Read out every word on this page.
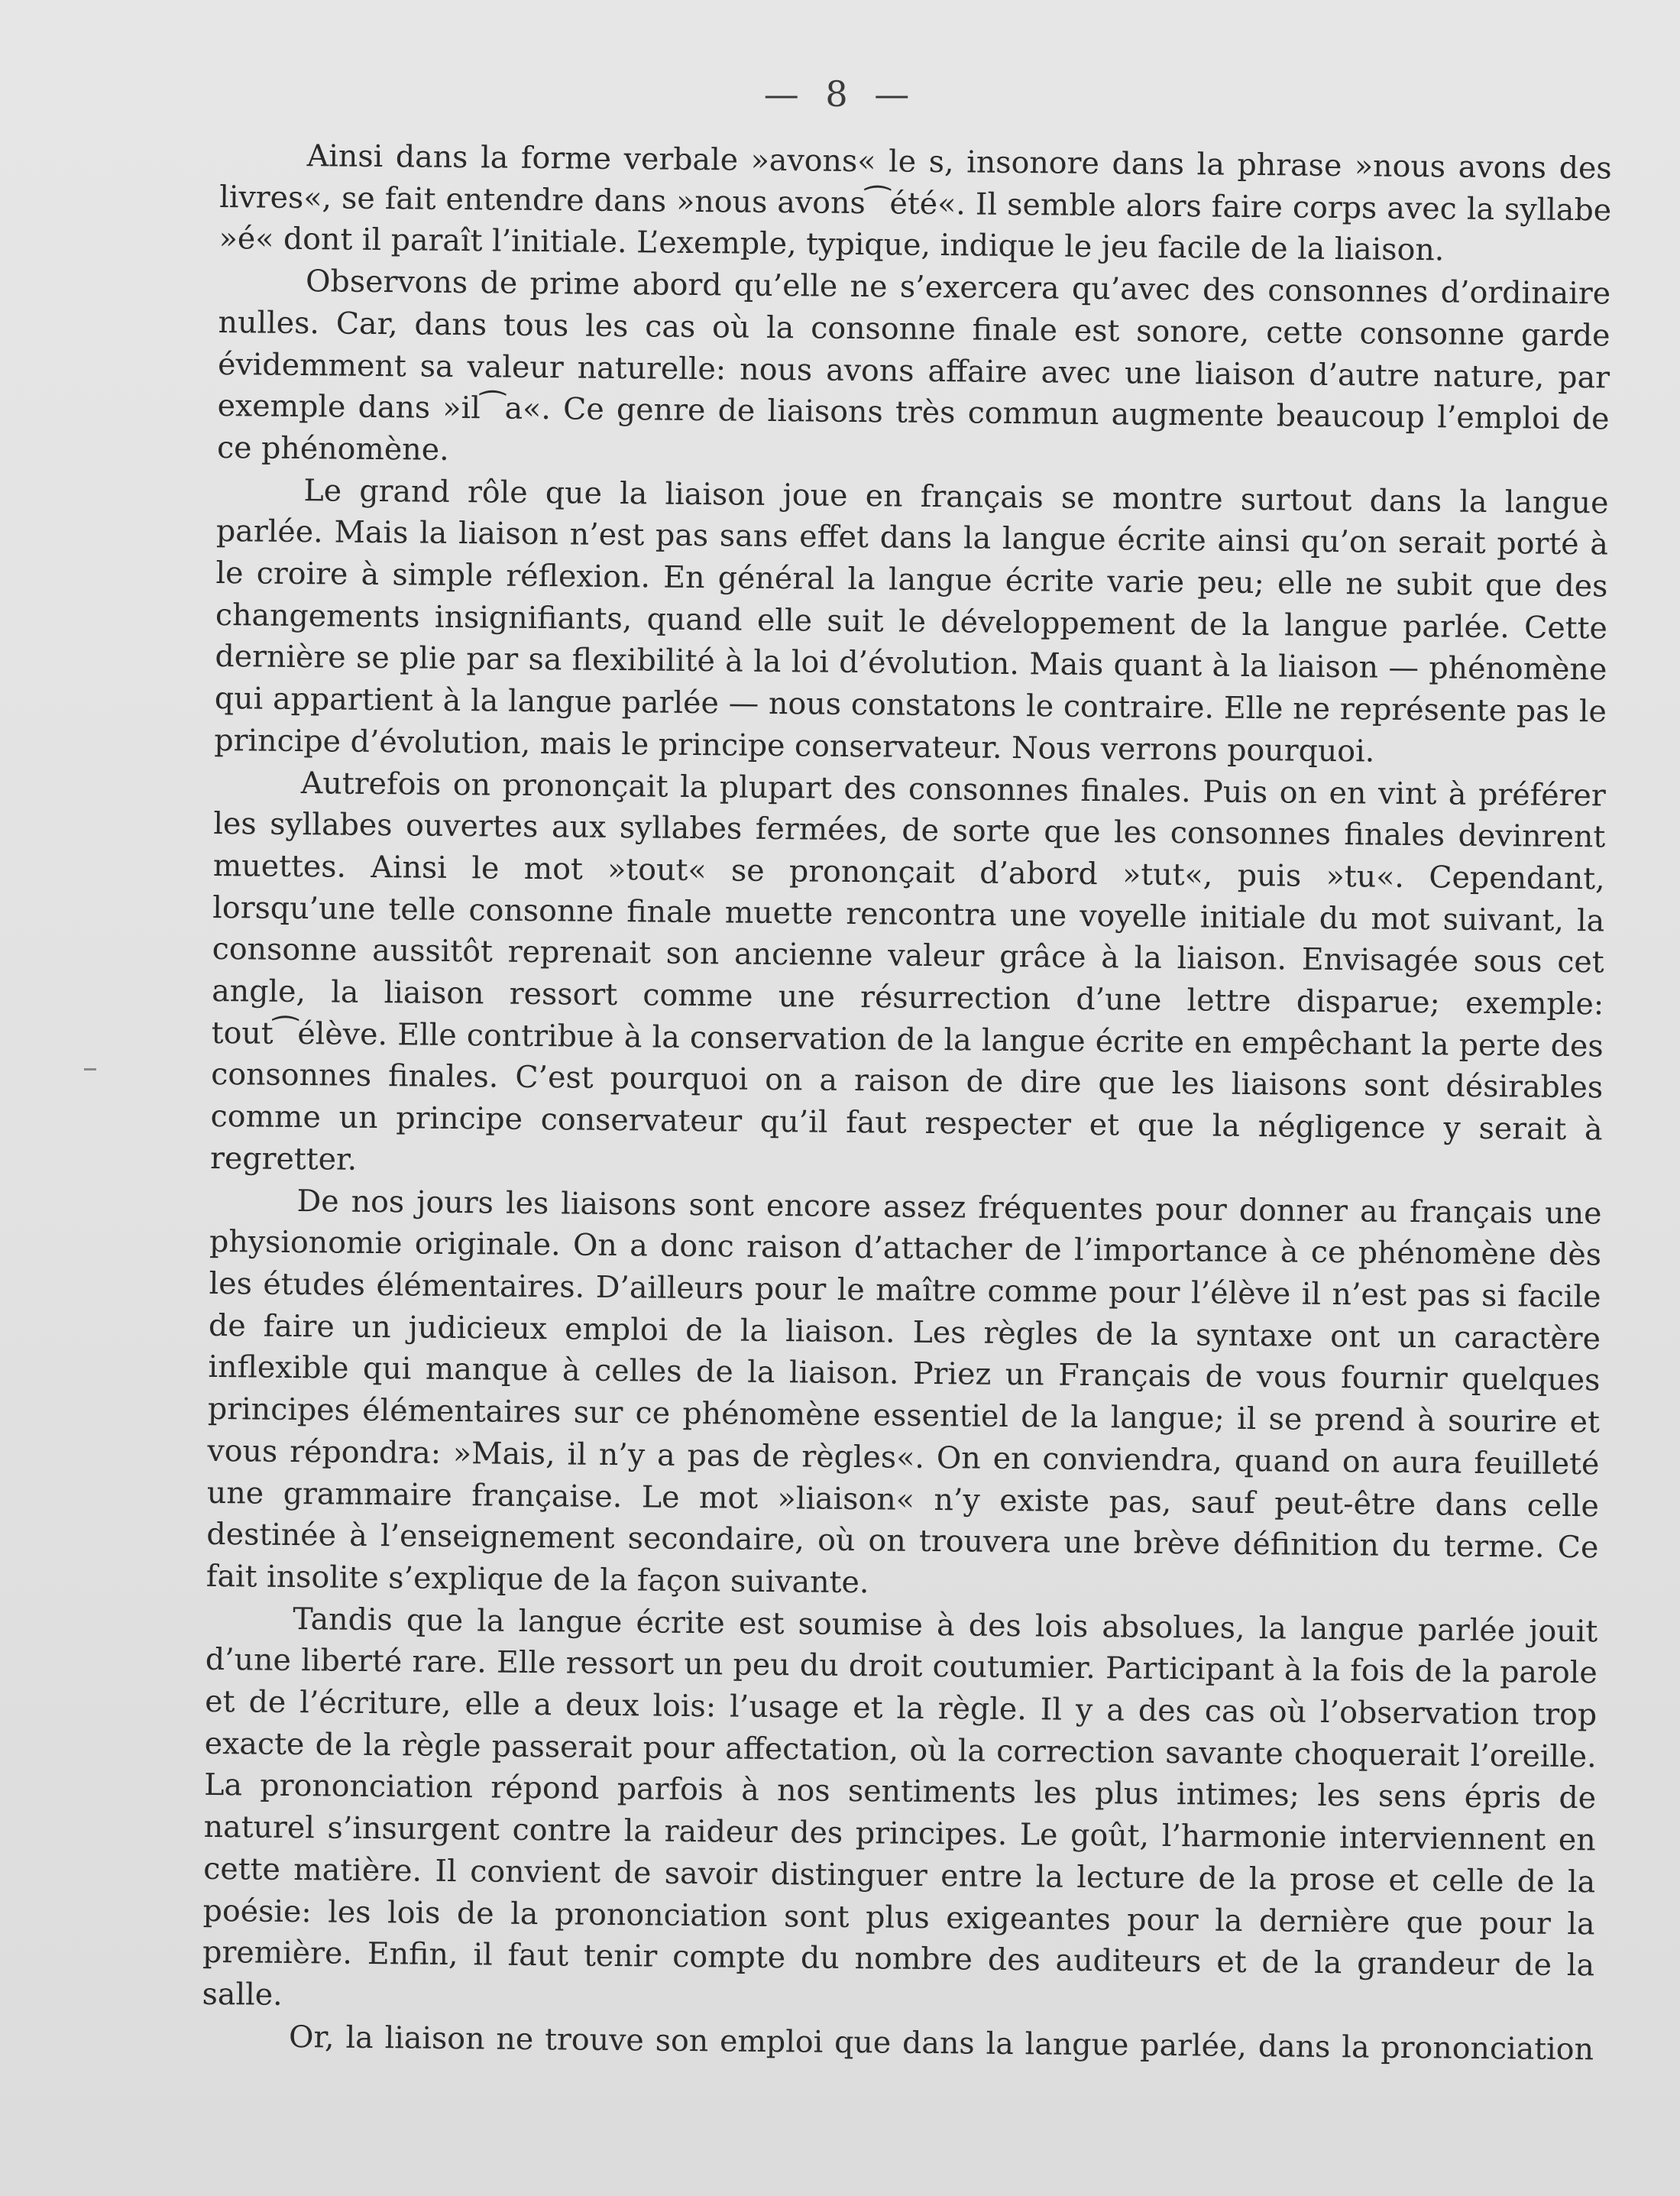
— 8 —

Ainsi dans la forme verbale »avons« le s, insonore dans la phrase »nous avons des livres«, se fait entendre dans »nous avons⁀été«. Il semble alors faire corps avec la syllabe »é« dont il paraît l’initiale. L’exemple, typique, indique le jeu facile de la liaison.

Observons de prime abord qu’elle ne s’exercera qu’avec des consonnes d’ordinaire nulles. Car, dans tous les cas où la consonne finale est sonore, cette consonne garde évidemment sa valeur naturelle: nous avons affaire avec une liaison d’autre nature, par exemple dans »il⁀a«. Ce genre de liaisons très commun augmente beaucoup l’emploi de ce phénomène.

Le grand rôle que la liaison joue en français se montre surtout dans la langue parlée. Mais la liaison n’est pas sans effet dans la langue écrite ainsi qu’on serait porté à le croire à simple réflexion. En général la langue écrite varie peu; elle ne subit que des changements insignifiants, quand elle suit le développement de la langue parlée. Cette dernière se plie par sa flexibilité à la loi d’évolution. Mais quant à la liaison — phénomène qui appartient à la langue parlée — nous constatons le contraire. Elle ne représente pas le principe d’évolution, mais le principe conservateur. Nous verrons pourquoi.

Autrefois on prononçait la plupart des consonnes finales. Puis on en vint à préférer les syllabes ouvertes aux syllabes fermées, de sorte que les consonnes finales devinrent muettes. Ainsi le mot »tout« se prononçait d’abord »tut«, puis »tu«. Cependant, lorsqu’une telle consonne finale muette rencontra une voyelle initiale du mot suivant, la consonne aussitôt reprenait son ancienne valeur grâce à la liaison. Envisagée sous cet angle, la liaison ressort comme une résurrection d’une lettre disparue; exemple: tout⁀élève. Elle contribue à la conservation de la langue écrite en empêchant la perte des consonnes finales. C’est pourquoi on a raison de dire que les liaisons sont désirables comme un principe conservateur qu’il faut respecter et que la négligence y serait à regretter.

De nos jours les liaisons sont encore assez fréquentes pour donner au français une physionomie originale. On a donc raison d’attacher de l’importance à ce phénomène dès les études élémentaires. D’ailleurs pour le maître comme pour l’élève il n’est pas si facile de faire un judicieux emploi de la liaison. Les règles de la syntaxe ont un caractère inflexible qui manque à celles de la liaison. Priez un Français de vous fournir quelques principes élémentaires sur ce phénomène essentiel de la langue; il se prend à sourire et vous répondra: »Mais, il n’y a pas de règles«. On en conviendra, quand on aura feuilleté une grammaire française. Le mot »liaison« n’y existe pas, sauf peut-être dans celle destinée à l’enseignement secondaire, où on trouvera une brève définition du terme. Ce fait insolite s’explique de la façon suivante.

Tandis que la langue écrite est soumise à des lois absolues, la langue parlée jouit d’une liberté rare. Elle ressort un peu du droit coutumier. Participant à la fois de la parole et de l’écriture, elle a deux lois: l’usage et la règle. Il y a des cas où l’observation trop exacte de la règle passerait pour affectation, où la correction savante choquerait l’oreille. La prononciation répond parfois à nos sentiments les plus intimes; les sens épris de naturel s’insurgent contre la raideur des principes. Le goût, l’harmonie interviennent en cette matière. Il convient de savoir distinguer entre la lecture de la prose et celle de la poésie: les lois de la prononciation sont plus exigeantes pour la dernière que pour la première. Enfin, il faut tenir compte du nombre des auditeurs et de la grandeur de la salle.

Or, la liaison ne trouve son emploi que dans la langue parlée, dans la prononciation
